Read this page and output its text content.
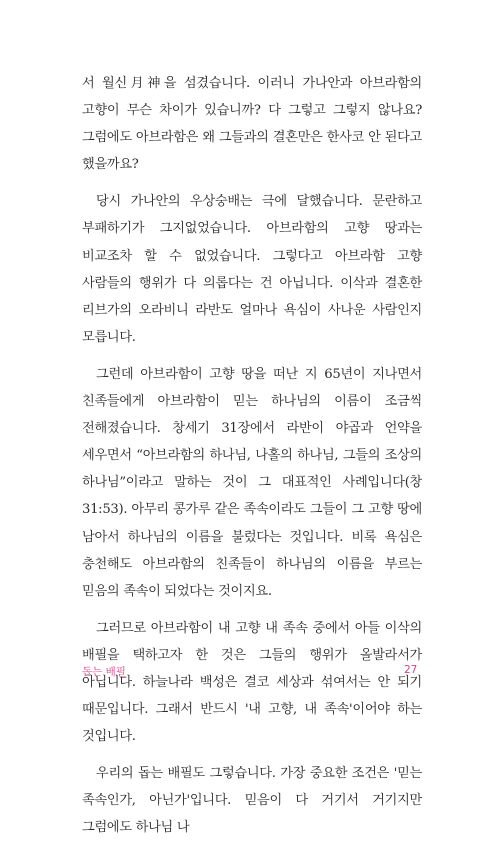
서 월신月神을 섬겼습니다. 이러니 가나안과 아브라함의 고향이 무슨 차이가 있습니까? 다 그렇고 그렇지 않나요? 그럼에도 아브라함은 왜 그들과의 결혼만은 한사코 안 된다고 했을까요?

당시 가나안의 우상숭배는 극에 달했습니다. 문란하고 부패하기가 그지없었습니다. 아브라함의 고향 땅과는 비교조차 할 수 없었습니다. 그렇다고 아브라함 고향 사람들의 행위가 다 의롭다는 건 아닙니다. 이삭과 결혼한 리브가의 오라비니 라반도 얼마나 욕심이 사나운 사람인지 모릅니다.

그런데 아브라함이 고향 땅을 떠난 지 65년이 지나면서 친족들에게 아브라함이 믿는 하나님의 이름이 조금씩 전해졌습니다. 창세기 31장에서 라반이 야곱과 언약을 세우면서 “아브라함의 하나님, 나홀의 하나님, 그들의 조상의 하나님”이라고 말하는 것이 그 대표적인 사례입니다(창 31:53). 아무리 콩가루 같은 족속이라도 그들이 그 고향 땅에 남아서 하나님의 이름을 불렀다는 것입니다. 비록 욕심은 충천해도 아브라함의 친족들이 하나님의 이름을 부르는 믿음의 족속이 되었다는 것이지요.

그러므로 아브라함이 내 고향 내 족속 중에서 아들 이삭의 배필을 택하고자 한 것은 그들의 행위가 올발라서가 아닙니다. 하늘나라 백성은 결코 세상과 섞여서는 안 되기 때문입니다. 그래서 반드시 '내 고향, 내 족속'이어야 하는 것입니다.

우리의 돕는 배필도 그렇습니다. 가장 중요한 조건은 '믿는 족속인가, 아닌가'입니다. 믿음이 다 거기서 거기지만 그럼에도 하나님 나

돕는 배필	27
